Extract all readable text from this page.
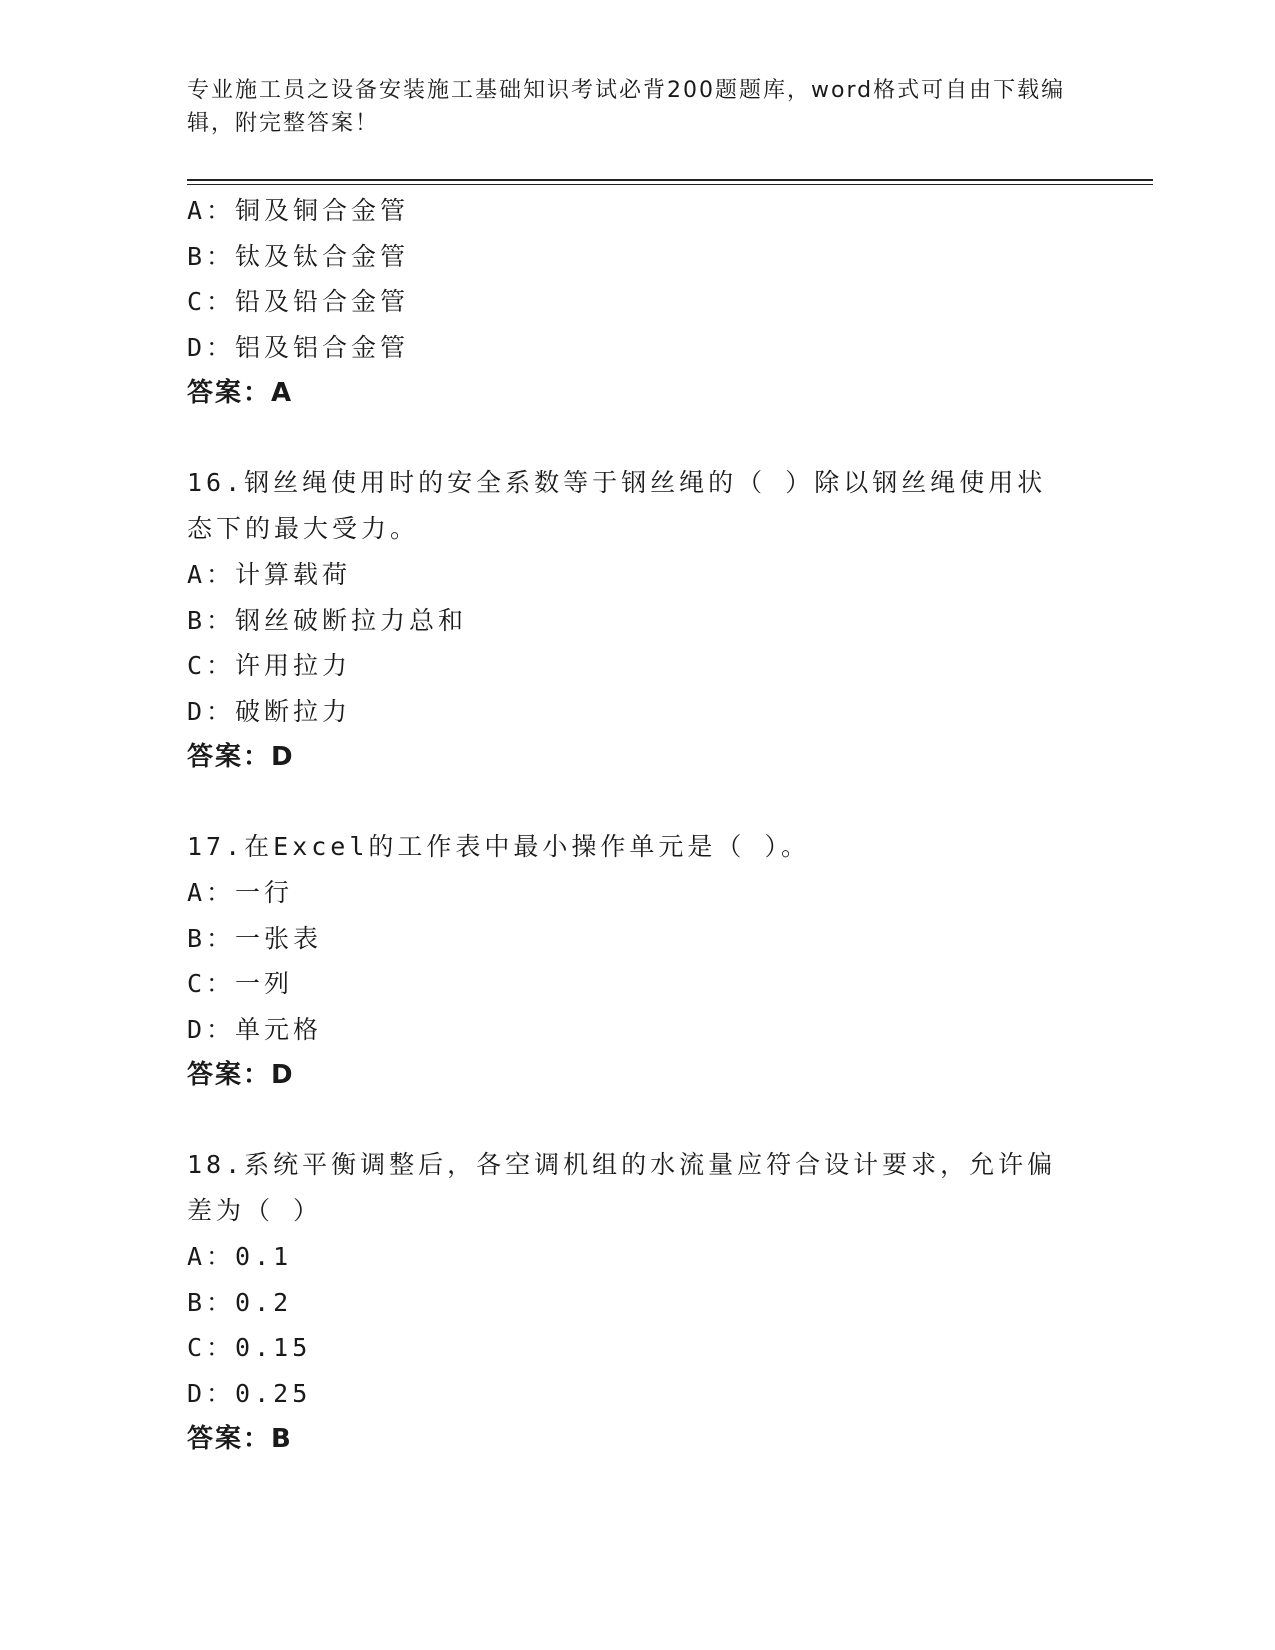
专业施工员之设备安装施工基础知识考试必背200题题库，word格式可自由下载编辑，附完整答案！
A：铜及铜合金管
B：钛及钛合金管
C：铅及铅合金管
D：铝及铝合金管
答案：A
16.钢丝绳使用时的安全系数等于钢丝绳的（ ）除以钢丝绳使用状态下的最大受力。
A：计算载荷
B：钢丝破断拉力总和
C：许用拉力
D：破断拉力
答案：D
17.在Excel的工作表中最小操作单元是（ ）。
A：一行
B：一张表
C：一列
D：单元格
答案：D
18.系统平衡调整后，各空调机组的水流量应符合设计要求，允许偏差为（ ）
A：0.1
B：0.2
C：0.15
D：0.25
答案：B
